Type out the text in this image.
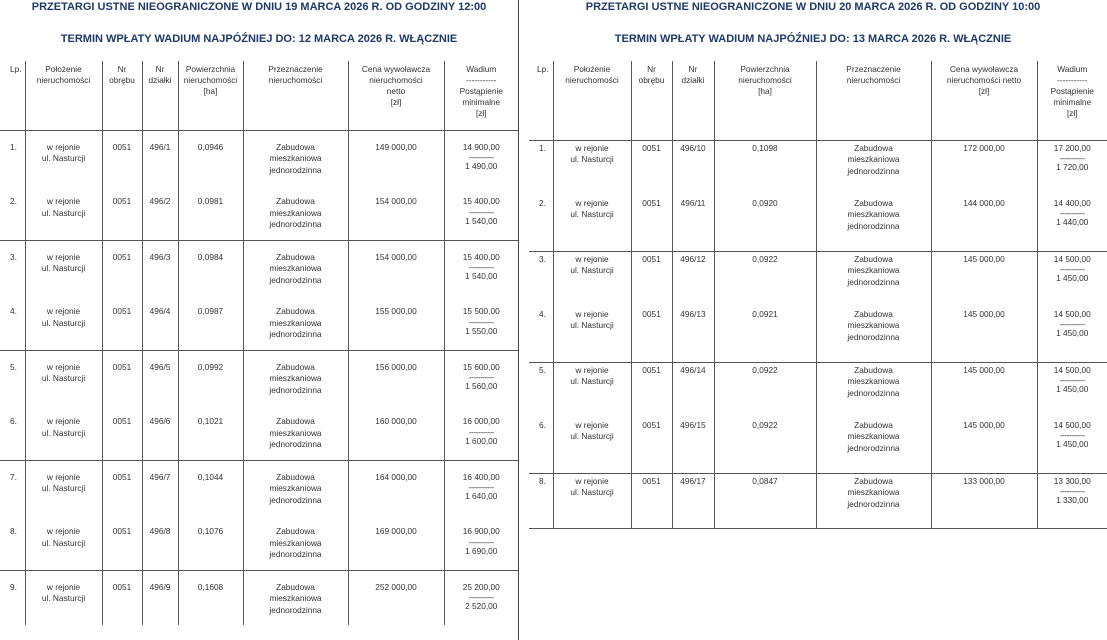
PRZETARGI USTNE NIEOGRANICZONE W DNIU 19 MARCA 2026 R. OD GODZINY 12:00
TERMIN WPŁATY WADIUM NAJPÓŹNIEJ DO: 12 MARCA 2026 R. WŁĄCZNIE
Lp.	Położenie
nieruchomości	Nr
obrębu	Nr
działki	Powierzchnia
nieruchomości
[ha]	Przeznaczenie
nieruchomości	Cena wywoławcza
nieruchomości
netto
[zł]	Wadium
-----------
Postąpienie
minimalne
[zł]
1.	w rejonie
ul. Nasturcji	0051	496/1	0,0946	Zabudowa
mieszkaniowa
jednorodzinna	149 000,00	14 900,00
-----------
1 490,00
2.	w rejonie
ul. Nasturcji	0051	496/2	0,0981	Zabudowa
mieszkaniowa
jednorodzinna	154 000,00	15 400,00
-----------
1 540,00
3.	w rejonie
ul. Nasturcji	0051	496/3	0,0984	Zabudowa
mieszkaniowa
jednorodzinna	154 000,00	15 400,00
-----------
1 540,00
4.	w rejonie
ul. Nasturcji	0051	496/4	0,0987	Zabudowa
mieszkaniowa
jednorodzinna	155 000,00	15 500,00
-----------
1 550,00
5.	w rejonie
ul. Nasturcji	0051	496/5	0,0992	Zabudowa
mieszkaniowa
jednorodzinna	156 000,00	15 600,00
-----------
1 560,00
6.	w rejonie
ul. Nasturcji	0051	496/6	0,1021	Zabudowa
mieszkaniowa
jednorodzinna	160 000,00	16 000,00
-----------
1 600,00
7.	w rejonie
ul. Nasturcji	0051	496/7	0,1044	Zabudowa
mieszkaniowa
jednorodzinna	164 000,00	16 400,00
-----------
1 640,00
8.	w rejonie
ul. Nasturcji	0051	496/8	0,1076	Zabudowa
mieszkaniowa
jednorodzinna	169 000,00	16 900,00
-----------
1 690,00
9.	w rejonie
ul. Nasturcji	0051	496/9	0,1608	Zabudowa
mieszkaniowa
jednorodzinna	252 000,00	25 200,00
-----------
2 520,00
PRZETARGI USTNE NIEOGRANICZONE W DNIU 20 MARCA 2026 R. OD GODZINY 10:00
TERMIN WPŁATY WADIUM NAJPÓŹNIEJ DO: 13 MARCA 2026 R. WŁĄCZNIE
Lp.	Położenie
nieruchomości	Nr
obrębu	Nr
działki	Powierzchnia
nieruchomości
[ha]	Przeznaczenie
nieruchomości	Cena wywoławcza
nieruchomości netto
[zł]	Wadium
-----------
Postąpienie
minimalne
[zł]
1.	w rejonie
ul. Nasturcji	0051	496/10	0,1098	Zabudowa
mieszkaniowa
jednorodzinna	172 000,00	17 200,00
-----------
1 720,00
2.	w rejonie
ul. Nasturcji	0051	496/11	0,0920	Zabudowa
mieszkaniowa
jednorodzinna	144 000,00	14 400,00
-----------
1 440,00
3.	w rejonie
ul. Nasturcji	0051	496/12	0,0922	Zabudowa
mieszkaniowa
jednorodzinna	145 000,00	14 500,00
-----------
1 450,00
4.	w rejonie
ul. Nasturcji	0051	496/13	0,0921	Zabudowa
mieszkaniowa
jednorodzinna	145 000,00	14 500,00
-----------
1 450,00
5.	w rejonie
ul. Nasturcji	0051	496/14	0,0922	Zabudowa
mieszkaniowa
jednorodzinna	145 000,00	14 500,00
-----------
1 450,00
6.	w rejonie
ul. Nasturcji	0051	496/15	0,0922	Zabudowa
mieszkaniowa
jednorodzinna	145 000,00	14 500,00
-----------
1 450,00
8.	w rejonie
ul. Nasturcji	0051	496/17	0,0847	Zabudowa
mieszkaniowa
jednorodzinna	133 000,00	13 300,00
-----------
1 330,00
